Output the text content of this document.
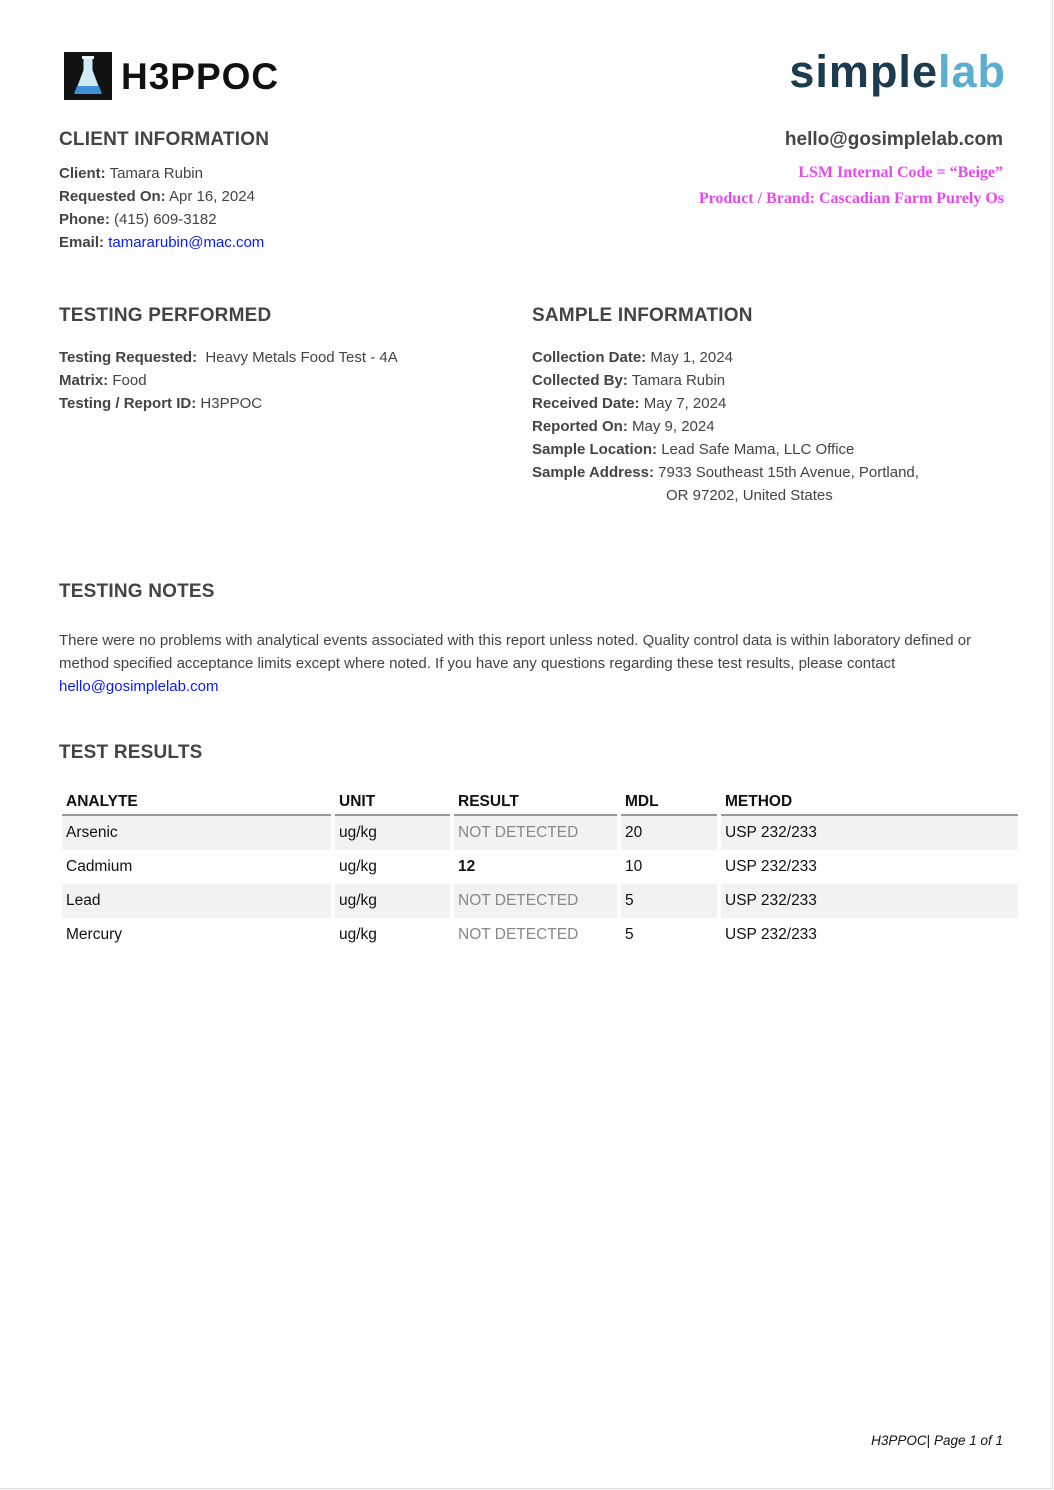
H3PPOC	simplelab
CLIENT INFORMATION
Client: Tamara Rubin
Requested On: Apr 16, 2024
Phone: (415) 609-3182
Email: tamararubin@mac.com
hello@gosimplelab.com
LSM Internal Code = “Beige”
Product / Brand: Cascadian Farm Purely Os
TESTING PERFORMED
Testing Requested: Heavy Metals Food Test - 4A
Matrix: Food
Testing / Report ID: H3PPOC
SAMPLE INFORMATION
Collection Date: May 1, 2024
Collected By: Tamara Rubin
Received Date: May 7, 2024
Reported On: May 9, 2024
Sample Location: Lead Safe Mama, LLC Office
Sample Address: 7933 Southeast 15th Avenue, Portland,
OR 97202, United States
TESTING NOTES
There were no problems with analytical events associated with this report unless noted. Quality control data is within laboratory defined or method specified acceptance limits except where noted. If you have any questions regarding these test results, please contact hello@gosimplelab.com
TEST RESULTS
ANALYTE		UNIT		RESULT		MDL		METHOD
Arsenic		ug/kg		NOT DETECTED		20		USP 232/233
Cadmium		ug/kg		12		10		USP 232/233
Lead		ug/kg		NOT DETECTED		5		USP 232/233
Mercury		ug/kg		NOT DETECTED		5		USP 232/233
H3PPOC| Page 1 of 1
